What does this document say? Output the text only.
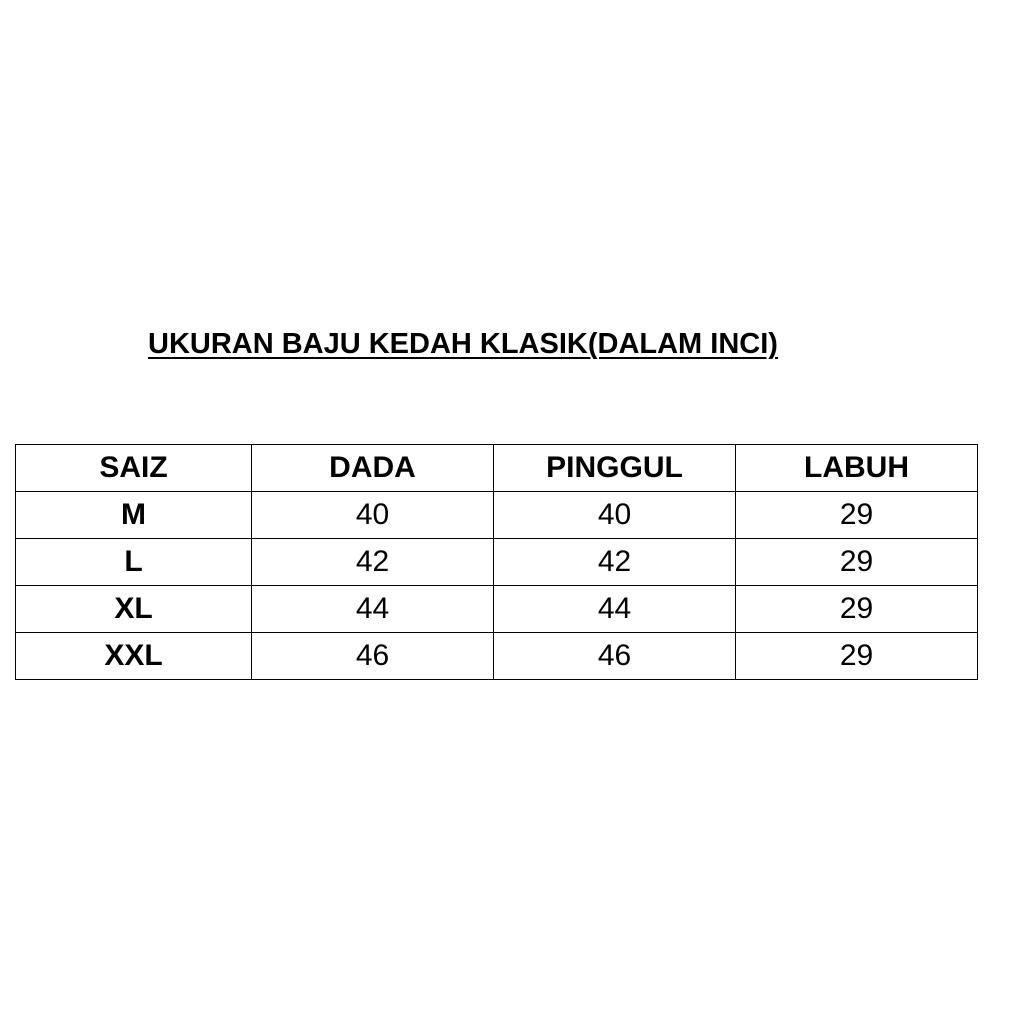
UKURAN BAJU KEDAH KLASIK(DALAM INCI)
SAIZ	DADA	PINGGUL	LABUH
M	40	40	29
L	42	42	29
XL	44	44	29
XXL	46	46	29
